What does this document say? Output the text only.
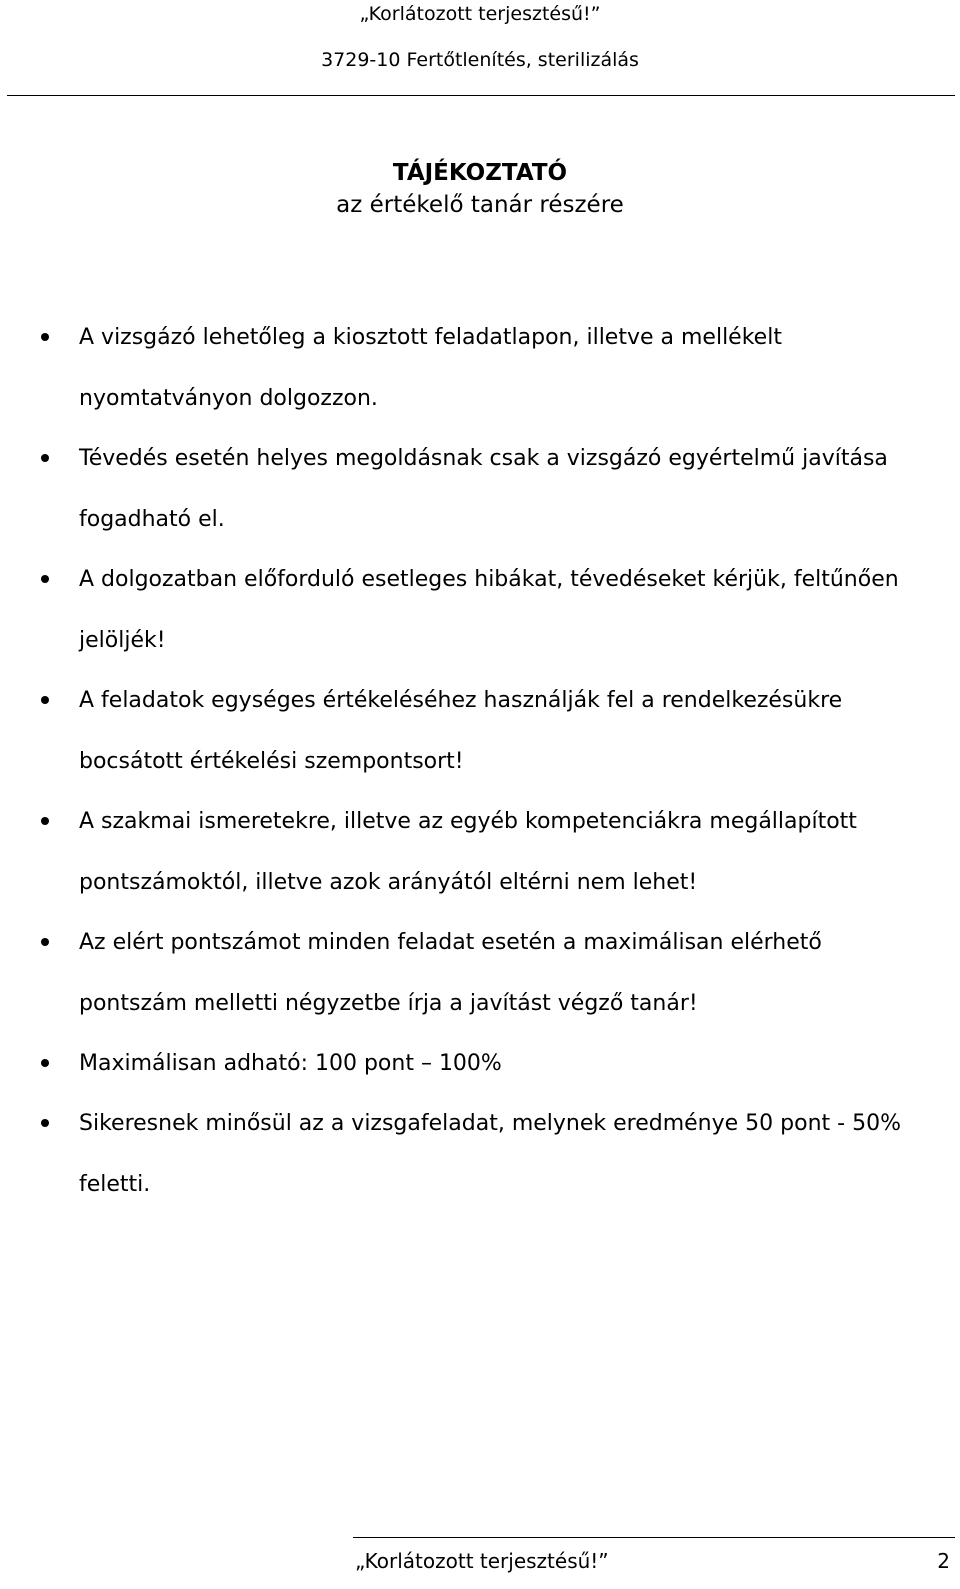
„Korlátozott terjesztésű!”
3729-10 Fertőtlenítés, sterilizálás
TÁJÉKOZTATÓ
az értékelő tanár részére
A vizsgázó lehetőleg a kiosztott feladatlapon, illetve a mellékelt nyomtatványon dolgozzon.
Tévedés esetén helyes megoldásnak csak a vizsgázó egyértelmű javítása fogadható el.
A dolgozatban előforduló esetleges hibákat, tévedéseket kérjük, feltűnően jelöljék!
A feladatok egységes értékeléséhez használják fel a rendelkezésükre bocsátott értékelési szempontsort!
A szakmai ismeretekre, illetve az egyéb kompetenciákra megállapított pontszámoktól, illetve azok arányától eltérni nem lehet!
Az elért pontszámot minden feladat esetén a maximálisan elérhető pontszám melletti négyzetbe írja a javítást végző tanár!
Maximálisan adható: 100 pont – 100%
Sikeresnek minősül az a vizsgafeladat, melynek eredménye 50 pont - 50% feletti.
„Korlátozott terjesztésű!”	2
